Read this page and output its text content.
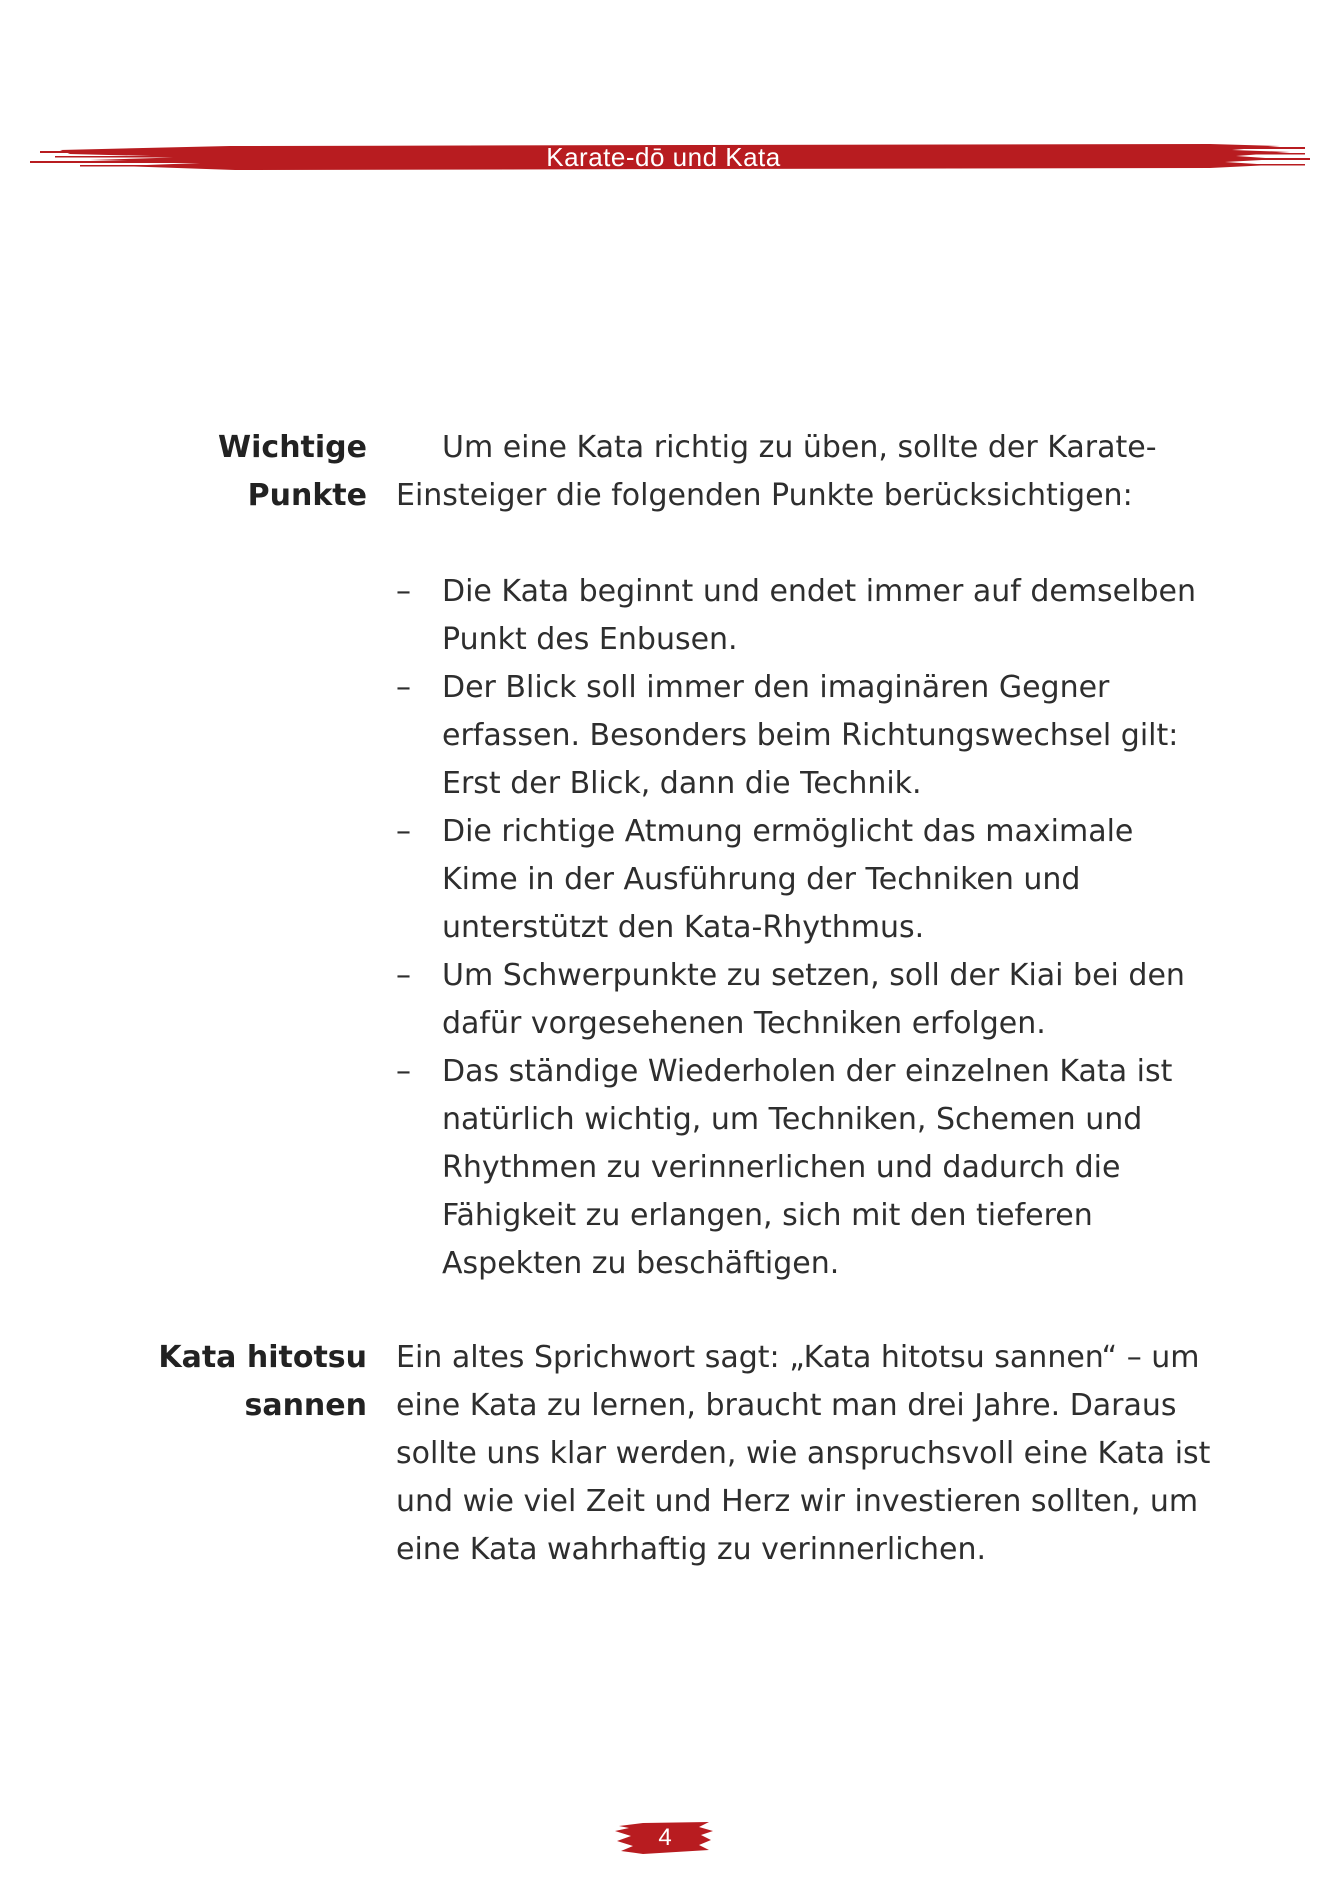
Karate-dō und Kata
Wichtige
Punkte

Um eine Kata richtig zu üben, sollte der Karate-Einsteiger die folgenden Punkte berücksichtigen:

– Die Kata beginnt und endet immer auf demselben Punkt des Enbusen.
– Der Blick soll immer den imaginären Gegner erfassen. Besonders beim Richtungswechsel gilt: Erst der Blick, dann die Technik.
– Die richtige Atmung ermöglicht das maximale Kime in der Ausführung der Techniken und unterstützt den Kata-Rhythmus.
– Um Schwerpunkte zu setzen, soll der Kiai bei den dafür vorgesehenen Techniken erfolgen.
– Das ständige Wiederholen der einzelnen Kata ist natürlich wichtig, um Techniken, Schemen und Rhythmen zu verinnerlichen und dadurch die Fähigkeit zu erlangen, sich mit den tieferen Aspekten zu beschäftigen.
Kata hitotsu
sannen

Ein altes Sprichwort sagt: „Kata hitotsu sannen“ – um eine Kata zu lernen, braucht man drei Jahre. Daraus sollte uns klar werden, wie anspruchsvoll eine Kata ist und wie viel Zeit und Herz wir investieren sollten, um eine Kata wahrhaftig zu verinnerlichen.

4
